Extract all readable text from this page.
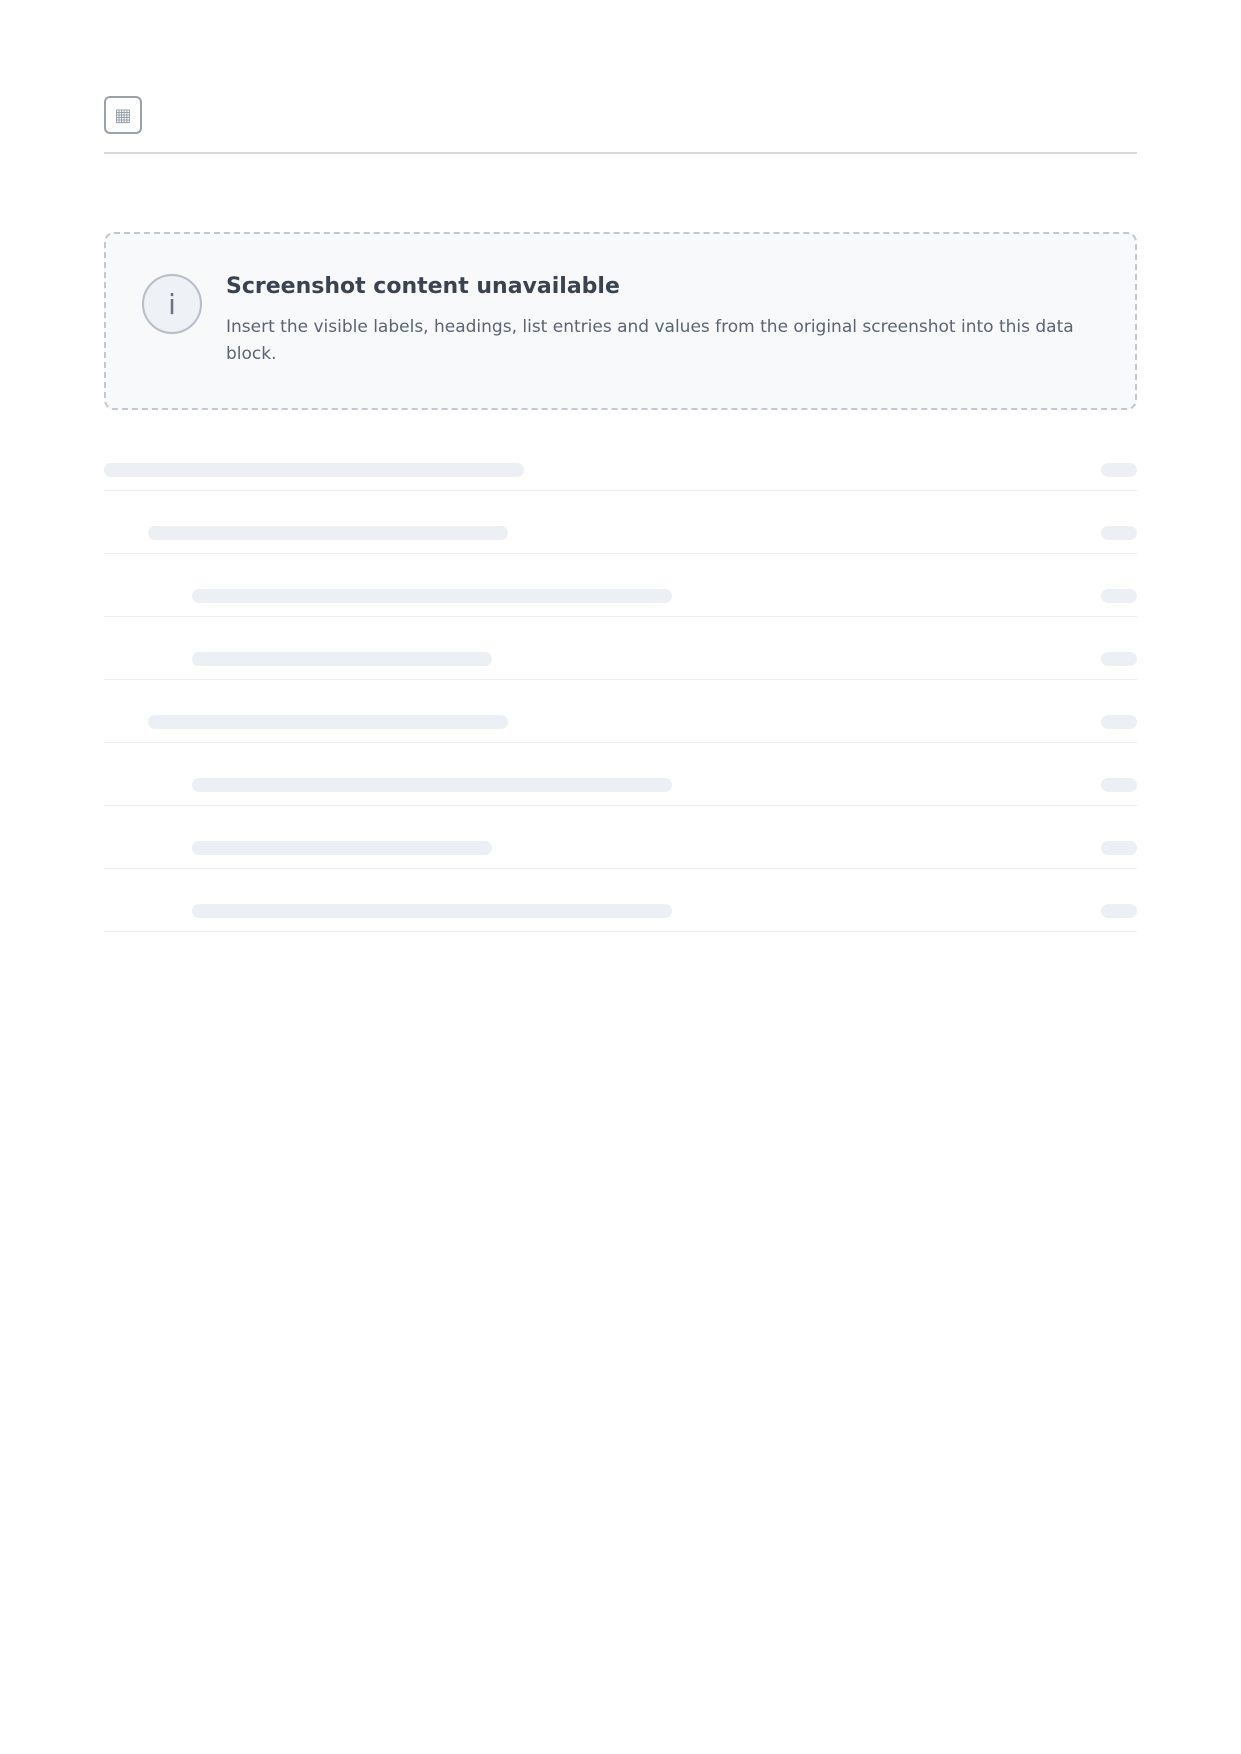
▦
i
Screenshot content unavailable
Insert the visible labels, headings, list entries and values from the original screenshot into this data block.
